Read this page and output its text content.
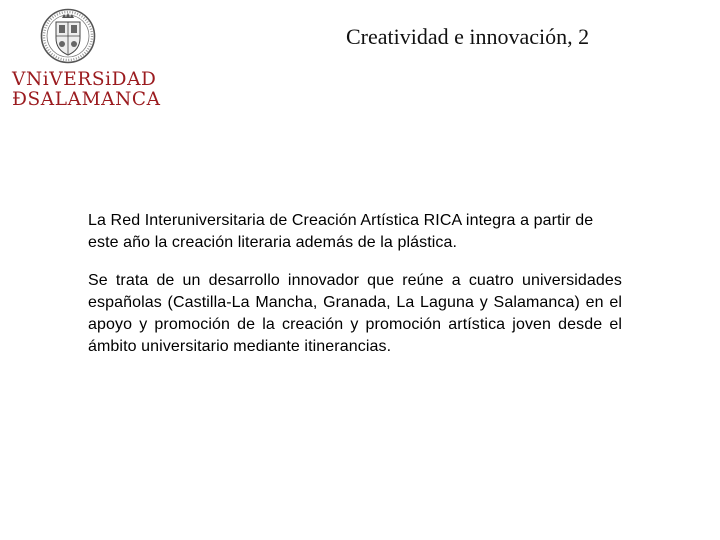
VNiVERSiDAD
ÐSALAMANCA
Creatividad e innovación, 2

La Red Interuniversitaria de Creación Artística RICA integra a partir de este año la creación literaria además de la plástica.

Se trata de un desarrollo innovador que reúne a cuatro universidades españolas (Castilla-La Mancha, Granada, La Laguna y Salamanca) en el apoyo y promoción de la creación y promoción artística joven desde el ámbito universitario mediante itinerancias.
